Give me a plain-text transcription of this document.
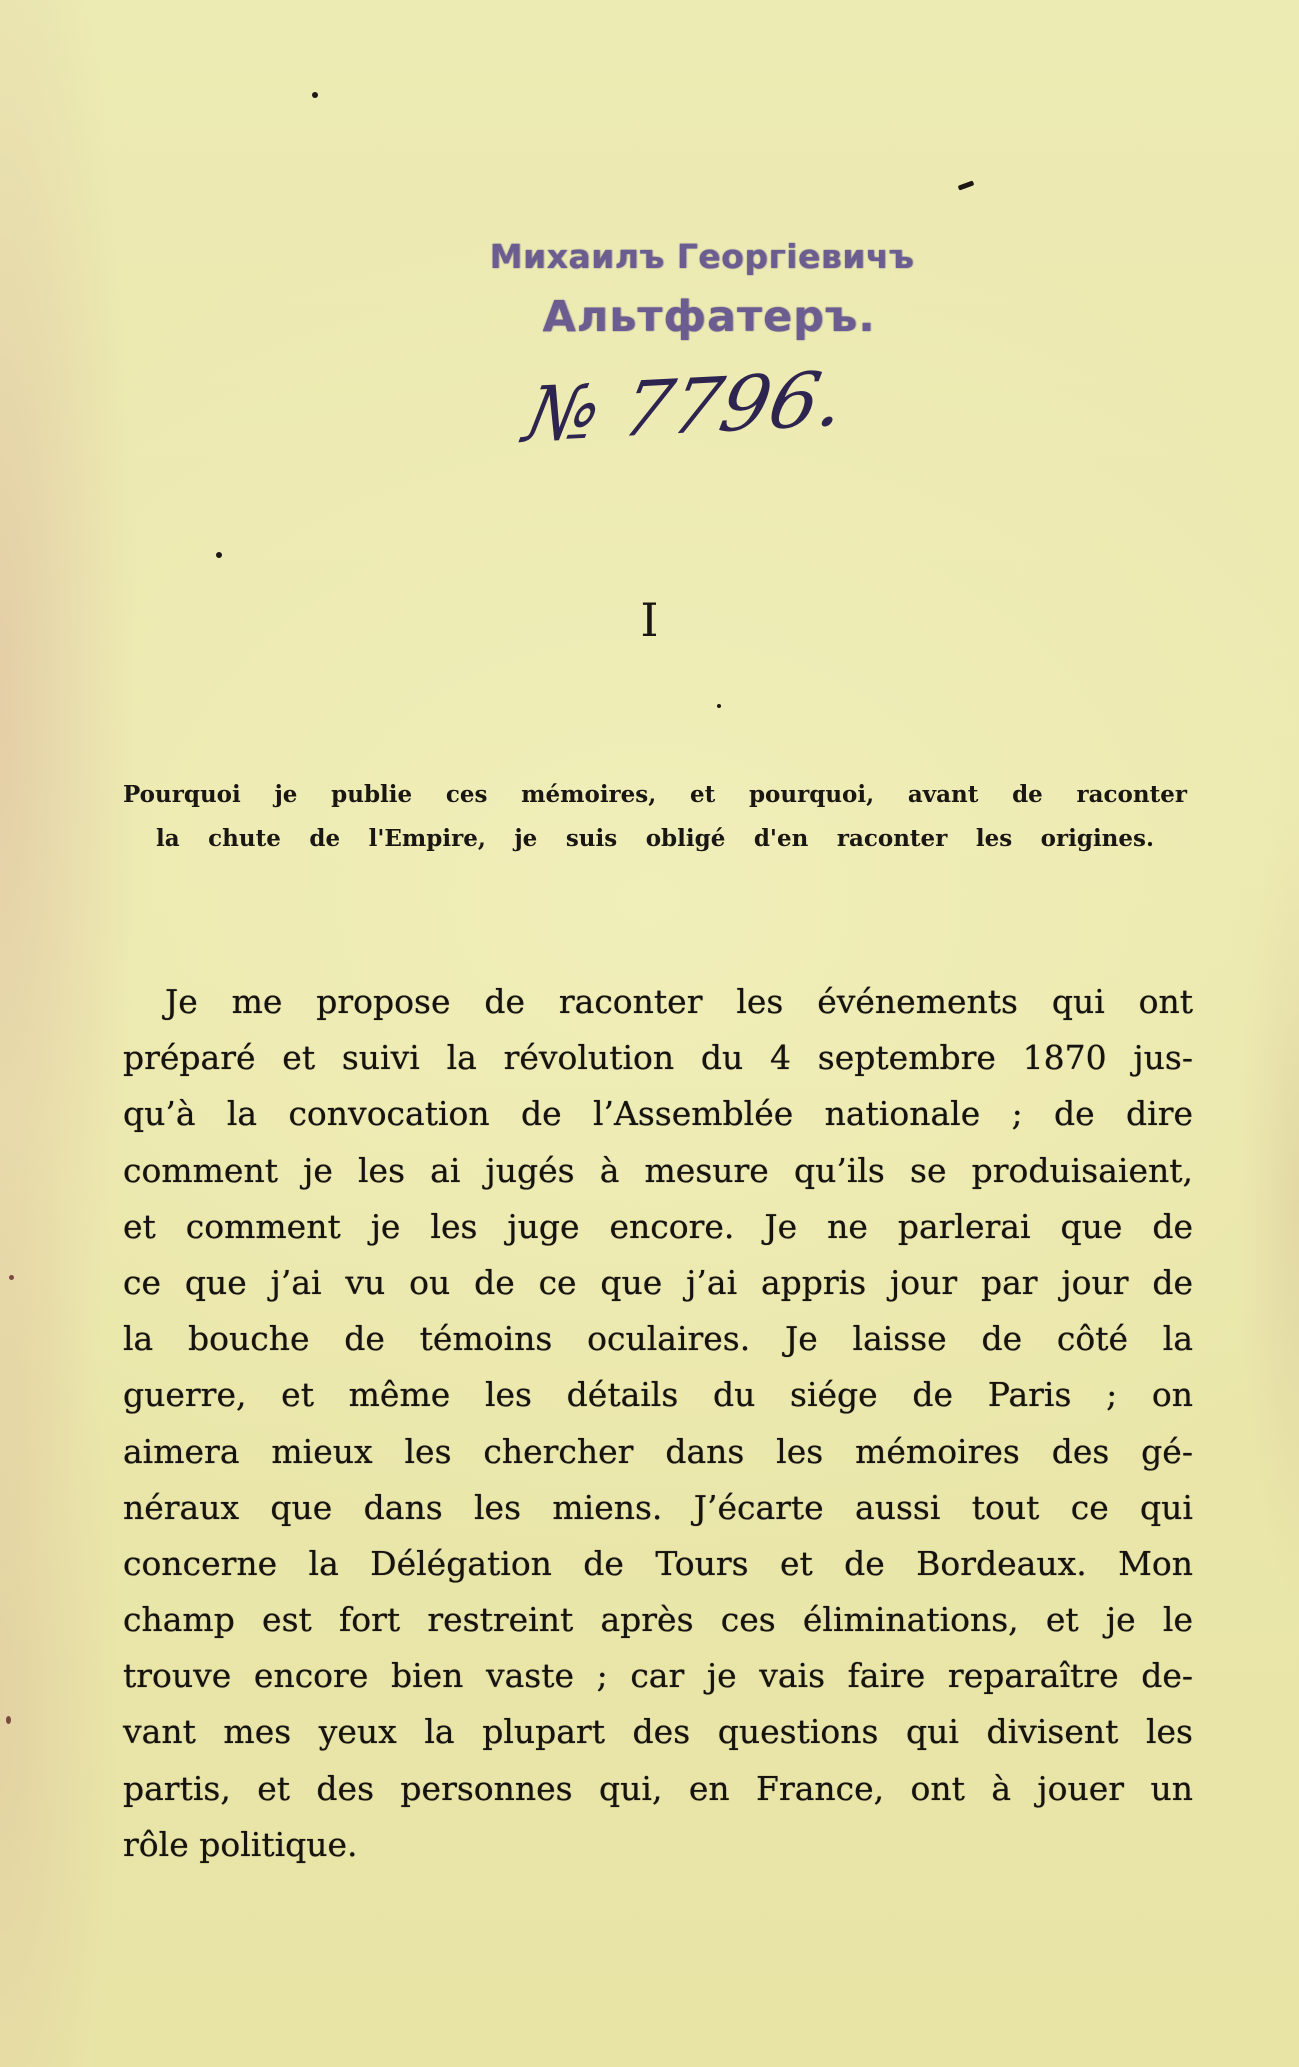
Михаилъ Георгіевичъ
Альтфатеръ.
№ 7796.
I
Pourquoi je publie ces mémoires, et pourquoi, avant de raconter
la chute de l'Empire, je suis obligé d'en raconter les origines.
Je me propose de raconter les événements qui ont
préparé et suivi la révolution du 4 septembre 1870 jus-
qu’à la convocation de l’Assemblée nationale ; de dire
comment je les ai jugés à mesure qu’ils se produisaient,
et comment je les juge encore. Je ne parlerai que de
ce que j’ai vu ou de ce que j’ai appris jour par jour de
la bouche de témoins oculaires. Je laisse de côté la
guerre, et même les détails du siége de Paris ; on
aimera mieux les chercher dans les mémoires des gé-
néraux que dans les miens. J’écarte aussi tout ce qui
concerne la Délégation de Tours et de Bordeaux. Mon
champ est fort restreint après ces éliminations, et je le
trouve encore bien vaste ; car je vais faire reparaître de-
vant mes yeux la plupart des questions qui divisent les
partis, et des personnes qui, en France, ont à jouer un
rôle politique.
